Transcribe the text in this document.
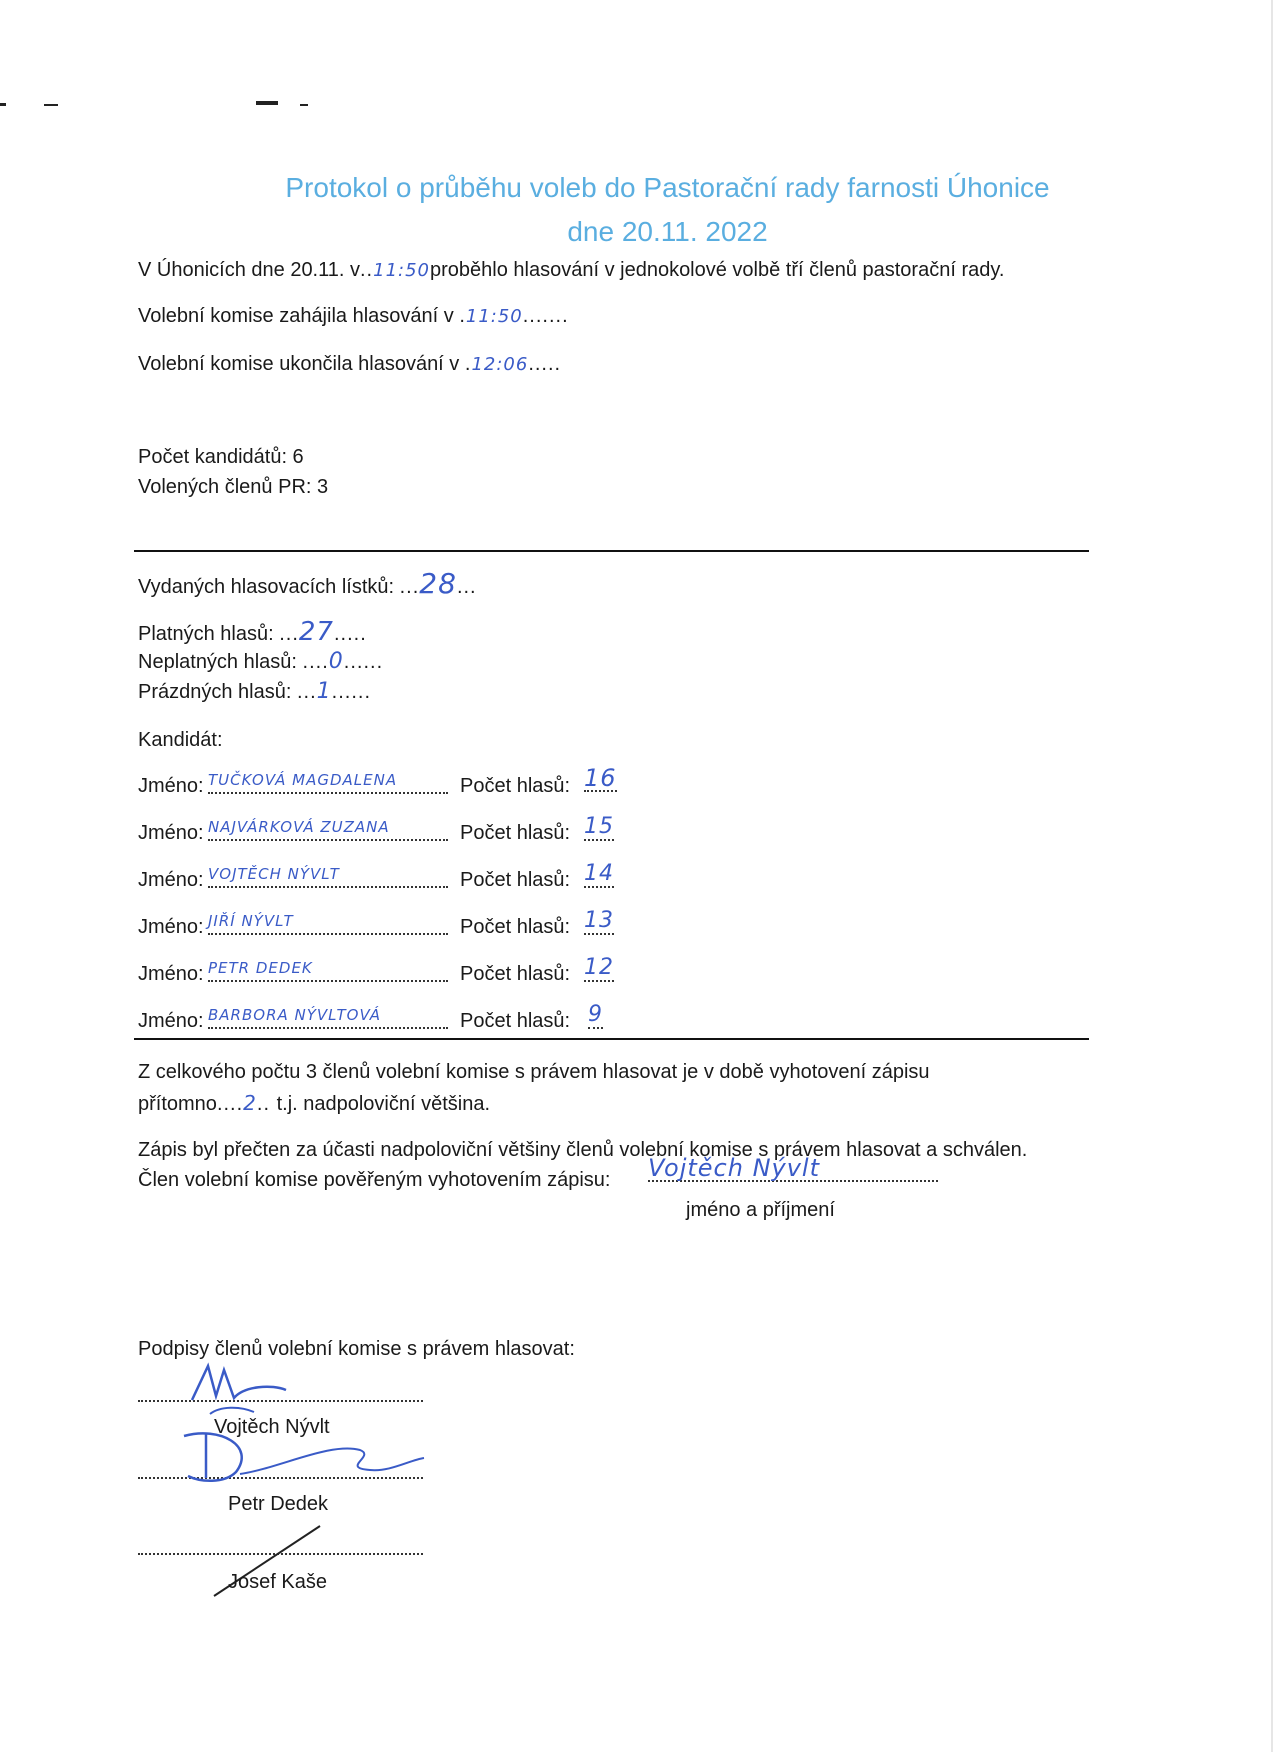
Protokol o průběhu voleb do Pastorační rady farnosti Úhonice
dne 20.11. 2022
V Úhonicích dne 20.11. v..11:50proběhlo hlasování v jednokolové volbě tří členů pastorační rady.
Volební komise zahájila hlasování v .11:50.......
Volební komise ukončila hlasování v .12:06.....
Počet kandidátů: 6
Volených členů PR: 3
Vydaných hlasovacích lístků: ...28...
Platných hlasů: ...27.....
Neplatných hlasů: ....0......
Prázdných hlasů: ...1......
Kandidát:
Jméno: TUČKOVÁ MAGDALENA	Počet hlasů: 16
Jméno: NAJVÁRKOVÁ ZUZANA	Počet hlasů: 15
Jméno: VOJTĚCH NÝVLT	Počet hlasů: 14
Jméno: JIŘÍ NÝVLT	Počet hlasů: 13
Jméno: PETR DEDEK	Počet hlasů: 12
Jméno: BARBORA NÝVLTOVÁ	Počet hlasů: 9
Z celkového počtu 3 členů volební komise s právem hlasovat je v době vyhotovení zápisu
přítomno....2.. t.j. nadpoloviční většina.
Zápis byl přečten za účasti nadpoloviční většiny členů volební komise s právem hlasovat a schválen.
Člen volební komise pověřeným vyhotovením zápisu: Vojtěch Nývlt
jméno a příjmení
Podpisy členů volební komise s právem hlasovat:
Vojtěch Nývlt
Petr Dedek
Josef Kaše
